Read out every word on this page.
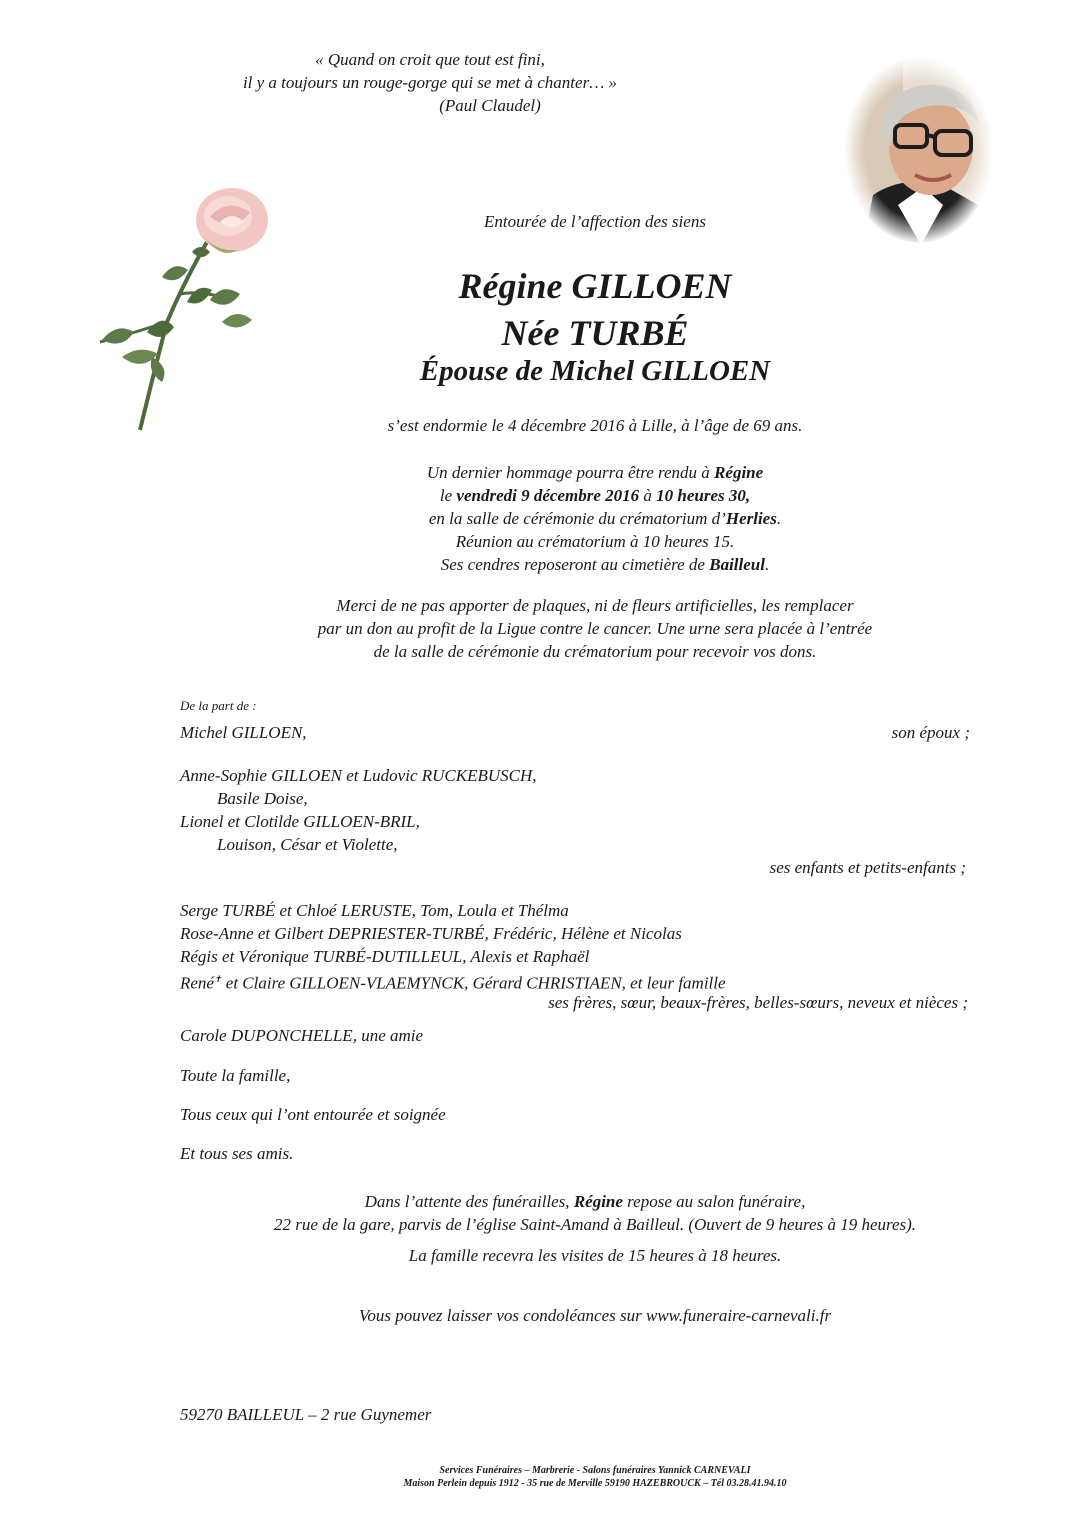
« Quand on croit que tout est fini,
il y a toujours un rouge-gorge qui se met à chanter… »
(Paul Claudel)
Entourée de l’affection des siens
Régine GILLOEN
Née TURBÉ
Épouse de Michel GILLOEN
s’est endormie le 4 décembre 2016 à Lille, à l’âge de 69 ans.
Un dernier hommage pourra être rendu à Régine
le vendredi 9 décembre 2016 à 10 heures 30,
en la salle de cérémonie du crématorium d’Herlies.
Réunion au crématorium à 10 heures 15.
Ses cendres reposeront au cimetière de Bailleul.
Merci de ne pas apporter de plaques, ni de fleurs artificielles, les remplacer
par un don au profit de la Ligue contre le cancer. Une urne sera placée à l’entrée
de la salle de cérémonie du crématorium pour recevoir vos dons.
De la part de :
Michel GILLOEN,	son époux ;
Anne-Sophie GILLOEN et Ludovic RUCKEBUSCH,
Basile Doise,
Lionel et Clotilde GILLOEN-BRIL,
Louison, César et Violette,
ses enfants et petits-enfants ;
Serge TURBÉ et Chloé LERUSTE, Tom, Loula et Thélma
Rose-Anne et Gilbert DEPRIESTER-TURBÉ, Frédéric, Hélène et Nicolas
Régis et Véronique TURBÉ-DUTILLEUL, Alexis et Raphaël
René✝ et Claire GILLOEN-VLAEMYNCK, Gérard CHRISTIAEN, et leur famille
ses frères, sœur, beaux-frères, belles-sœurs, neveux et nièces ;
Carole DUPONCHELLE, une amie
Toute la famille,
Tous ceux qui l’ont entourée et soignée
Et tous ses amis.
Dans l’attente des funérailles, Régine repose au salon funéraire,
22 rue de la gare, parvis de l’église Saint-Amand à Bailleul. (Ouvert de 9 heures à 19 heures).
La famille recevra les visites de 15 heures à 18 heures.
Vous pouvez laisser vos condoléances sur www.funeraire-carnevali.fr
59270 BAILLEUL – 2 rue Guynemer
Services Funéraires – Marbrerie - Salons funéraires Yannick CARNEVALI
Maison Perlein depuis 1912 - 35 rue de Merville 59190 HAZEBROUCK – Tél 03.28.41.94.10
